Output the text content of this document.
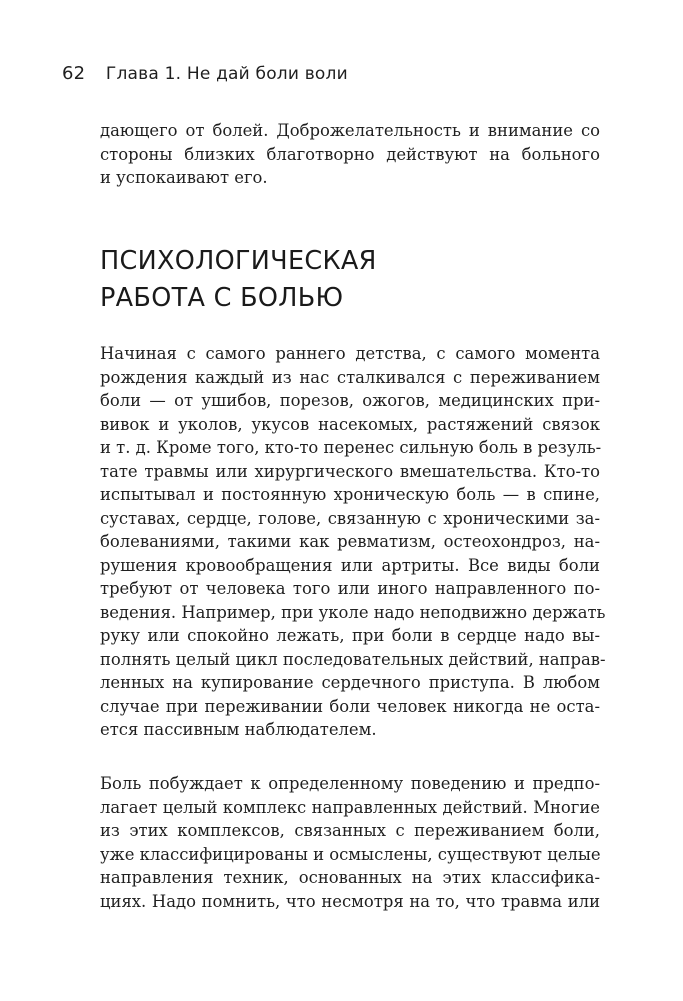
62 Глава 1. Не дай боли воли
дающего от болей. Доброжелательность и внимание со
стороны близких благотворно действуют на больного
и успокаивают его.
ПСИХОЛОГИЧЕСКАЯ
РАБОТА С БОЛЬЮ
Начиная с самого раннего детства, с самого момента
рождения каждый из нас сталкивался с переживанием
боли — от ушибов, порезов, ожогов, медицинских при-
вивок и уколов, укусов насекомых, растяжений связок
и т. д. Кроме того, кто-то перенес сильную боль в резуль-
тате травмы или хирургического вмешательства. Кто-то
испытывал и постоянную хроническую боль — в спине,
суставах, сердце, голове, связанную с хроническими за-
болеваниями, такими как ревматизм, остеохондроз, на-
рушения кровообращения или артриты. Все виды боли
требуют от человека того или иного направленного по-
ведения. Например, при уколе надо неподвижно держать
руку или спокойно лежать, при боли в сердце надо вы-
полнять целый цикл последовательных действий, направ-
ленных на купирование сердечного приступа. В любом
случае при переживании боли человек никогда не оста-
ется пассивным наблюдателем.
Боль побуждает к определенному поведению и предпо-
лагает целый комплекс направленных действий. Многие
из этих комплексов, связанных с переживанием боли,
уже классифицированы и осмыслены, существуют целые
направления техник, основанных на этих классифика-
циях. Надо помнить, что несмотря на то, что травма или
